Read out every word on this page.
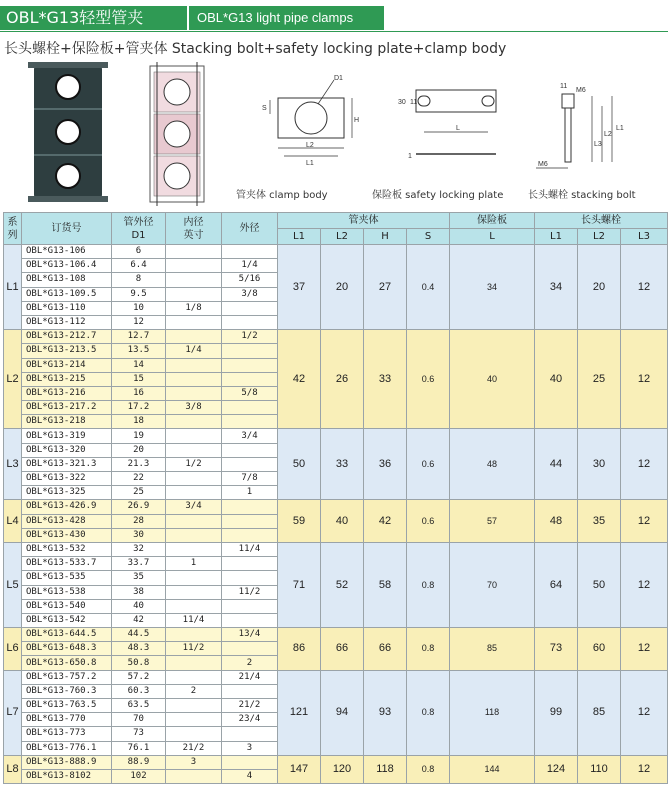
OBL*G13轻型管夹	OBL*G13 light pipe clamps
长头螺栓+保险板+管夹体 Stacking bolt+safety locking plate+clamp body
D1
H
S
L2
L1
30 11
L
1
11
M6
L1
L2
L3
M6
管夹体 clamp body	保险板 safety locking plate 长头螺栓 stacking bolt
系
列	订货号	管外径
D1	内径
英寸	外径	管夹体				保险板	长头螺栓		
					L1	L2	H	S	L	L1	L2	L3
L1	OBL*G13-106	6			37	20	27	0.4	34	34	20	12
	OBL*G13-106.4	6.4		1/4								
	OBL*G13-108	8		5/16								
	OBL*G13-109.5	9.5		3/8								
	OBL*G13-110	10	1/8									
	OBL*G13-112	12										
L2	OBL*G13-212.7	12.7		1/2	42	26	33	0.6	40	40	25	12
	OBL*G13-213.5	13.5	1/4									
	OBL*G13-214	14										
	OBL*G13-215	15										
	OBL*G13-216	16		5/8								
	OBL*G13-217.2	17.2	3/8									
	OBL*G13-218	18										
L3	OBL*G13-319	19		3/4	50	33	36	0.6	48	44	30	12
	OBL*G13-320	20										
	OBL*G13-321.3	21.3	1/2									
	OBL*G13-322	22		7/8								
	OBL*G13-325	25		1								
L4	OBL*G13-426.9	26.9	3/4		59	40	42	0.6	57	48	35	12
	OBL*G13-428	28										
	OBL*G13-430	30										
L5	OBL*G13-532	32		11/4	71	52	58	0.8	70	64	50	12
	OBL*G13-533.7	33.7	1									
	OBL*G13-535	35										
	OBL*G13-538	38		11/2								
	OBL*G13-540	40										
	OBL*G13-542	42	11/4									
L6	OBL*G13-644.5	44.5		13/4	86	66	66	0.8	85	73	60	12
	OBL*G13-648.3	48.3	11/2									
	OBL*G13-650.8	50.8		2								
L7	OBL*G13-757.2	57.2		21/4	121	94	93	0.8	118	99	85	12
	OBL*G13-760.3	60.3	2									
	OBL*G13-763.5	63.5		21/2								
	OBL*G13-770	70		23/4								
	OBL*G13-773	73										
	OBL*G13-776.1	76.1	21/2	3								
L8	OBL*G13-888.9	88.9	3		147	120	118	0.8	144	124	110	12
	OBL*G13-8102	102		4								
